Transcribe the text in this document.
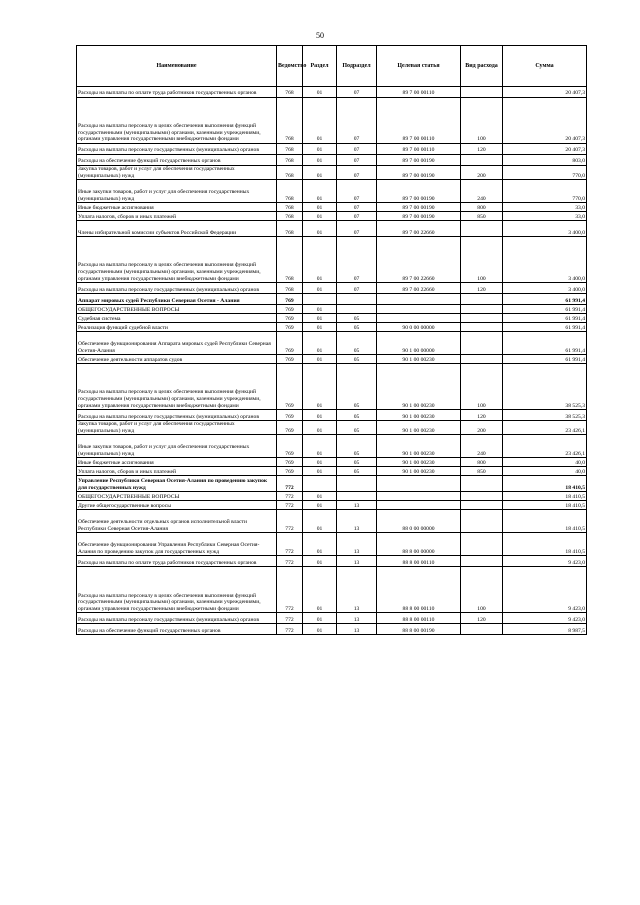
50
Наименование	Ведомство	Раздел	Подраздел	Целевая статья	Вид расхода	Сумма
Расходы на выплаты по оплате труда работников государственных органов	768	01	07	89 7 00 00110		20 407,3
Расходы на выплаты персоналу в целях обеспечения выполнения функций государственными (муниципальными) органами, казенными учреждениями, органами управления государственными внебюджетными фондами	768	01	07	89 7 00 00110	100	20 407,3
Расходы на выплаты персоналу государственных (муниципальных) органов	768	01	07	89 7 00 00110	120	20 407,3
Расходы на обеспечение функций государственных органов	768	01	07	89 7 00 00190		803,0
Закупка товаров, работ и услуг для обеспечения государственных (муниципальных) нужд	768	01	07	89 7 00 00190	200	770,0
Иные закупки товаров, работ и услуг для обеспечения государственных (муниципальных) нужд	768	01	07	89 7 00 00190	240	770,0
Иные бюджетные ассигнования	768	01	07	89 7 00 00190	800	33,0
Уплата налогов, сборов и иных платежей	768	01	07	89 7 00 00190	850	33,0
Члены избирательной комиссии субъектов Российской Федерации	768	01	07	89 7 00 22660		3 400,0
Расходы на выплаты персоналу в целях обеспечения выполнения функций государственными (муниципальными) органами, казенными учреждениями, органами управления государственными внебюджетными фондами	768	01	07	89 7 00 22660	100	3 400,0
Расходы на выплаты персоналу государственных (муниципальных) органов	768	01	07	89 7 00 22660	120	3 400,0
Аппарат мировых судей Республики Северная Осетия - Алания	769					61 991,4
ОБЩЕГОСУДАРСТВЕННЫЕ ВОПРОСЫ	769	01				61 991,4
Судебная система	769	01	05			61 991,4
Реализация функций судебной власти	769	01	05	90 0 00 00000		61 991,4
Обеспечение функционирования Аппарата мировых судей Республики Северная Осетия-Алания	769	01	05	90 1 00 00000		61 991,4
Обеспечение деятельности аппаратов судов	769	01	05	90 1 00 00230		61 991,4
Расходы на выплаты персоналу в целях обеспечения выполнения функций государственными (муниципальными) органами, казенными учреждениями, органами управления государственными внебюджетными фондами	769	01	05	90 1 00 00230	100	38 525,3
Расходы на выплаты персоналу государственных (муниципальных) органов	769	01	05	90 1 00 00230	120	38 525,3
Закупка товаров, работ и услуг для обеспечения государственных (муниципальных) нужд	769	01	05	90 1 00 00230	200	23 426,1
Иные закупки товаров, работ и услуг для обеспечения государственных (муниципальных) нужд	769	01	05	90 1 00 00230	240	23 426,1
Иные бюджетные ассигнования	769	01	05	90 1 00 00230	800	40,0
Уплата налогов, сборов и иных платежей	769	01	05	90 1 00 00230	850	40,0
Управление Республики Северная Осетия-Алания по проведению закупок для государственных нужд	772					18 410,5
ОБЩЕГОСУДАРСТВЕННЫЕ ВОПРОСЫ	772	01				18 410,5
Другие общегосударственные вопросы	772	01	13			18 410,5
Обеспечение деятельности отдельных органов исполнительной власти Республики Северная Осетия-Алания	772	01	13	88 0 00 00000		18 410,5
Обеспечение функционирования Управления Республики Северная Осетия-Алания по проведению закупок для государственных нужд	772	01	13	88 8 00 00000		18 410,5
Расходы на выплаты по оплате труда работников государственных органов	772	01	13	88 8 00 00110		9 423,0
Расходы на выплаты персоналу в целях обеспечения выполнения функций государственными (муниципальными) органами, казенными учреждениями, органами управления государственными внебюджетными фондами	772	01	13	88 8 00 00110	100	9 423,0
Расходы на выплаты персоналу государственных (муниципальных) органов	772	01	13	88 8 00 00110	120	9 423,0
Расходы на обеспечение функций государственных органов	772	01	13	88 8 00 00190		8 987,5
